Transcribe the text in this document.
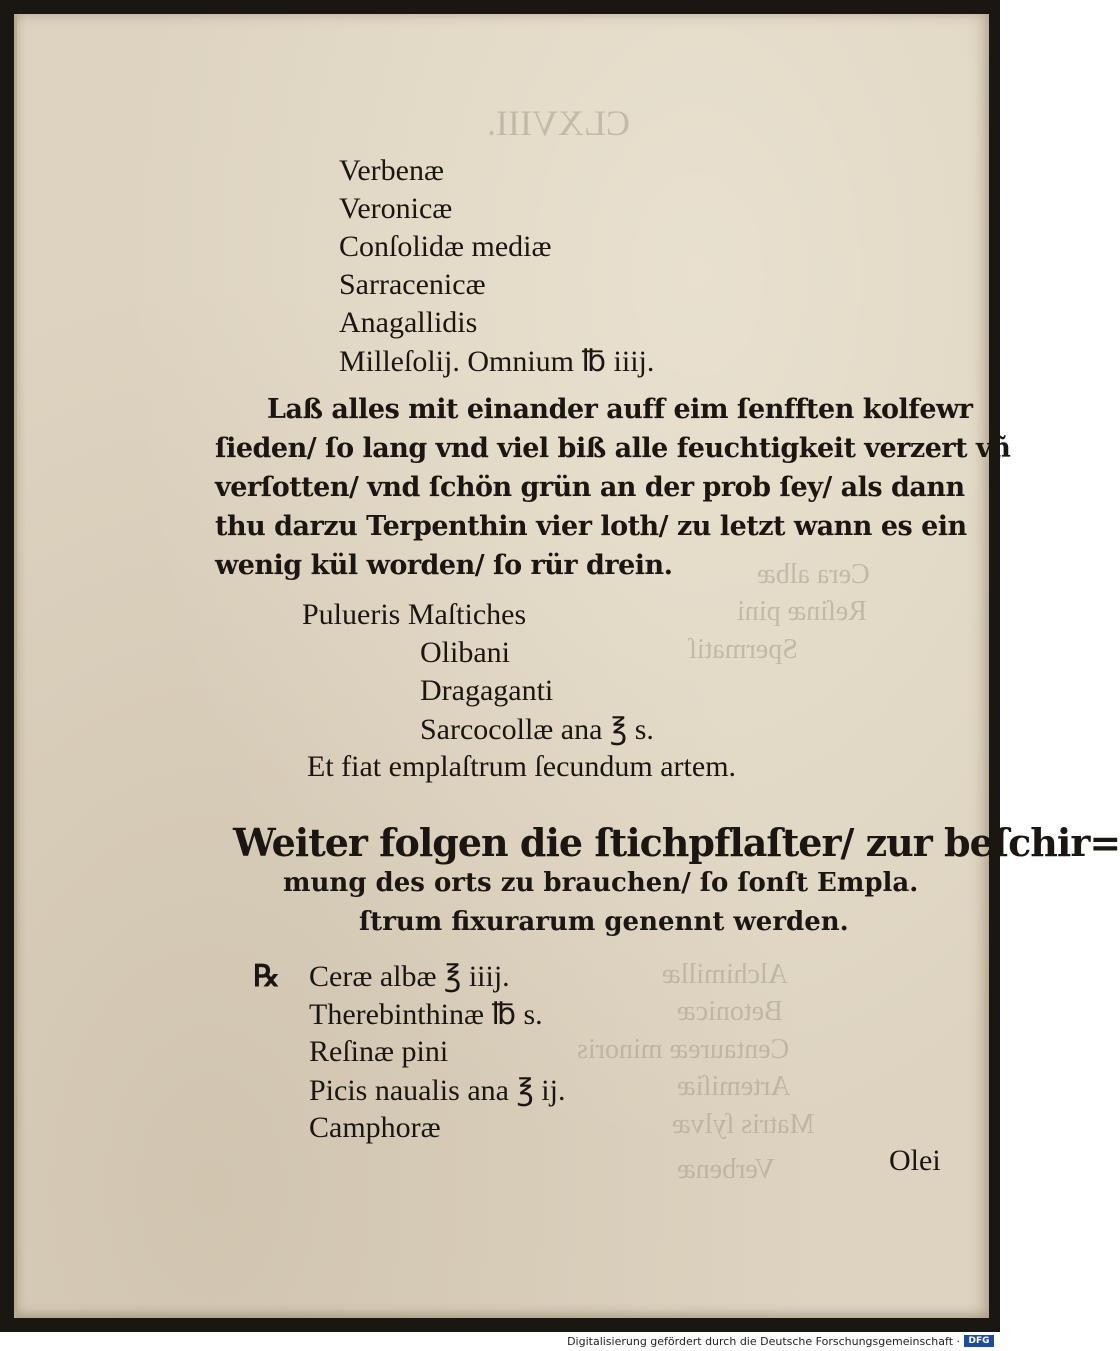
CLXVIII.
Cera albæ
Reſinæ pini
Spermatiſ
Alchimillæ
Betonicæ
Centaureæ minoris
Artemiſiæ
Matris ſylvæ
Verbenæ
Verbenæ
Veronicæ
Conſolidæ mediæ
Sarracenicæ
Anagallidis
Milleſolij. Omnium ℔ iiij.
Laß alles mit einander auff eim ſenfften kolfewr
ſieden/ ſo lang vnd viel biß alle feuchtigkeit verzert vñ
verſotten/ vnd ſchön grün an der prob ſey/ als dann
thu darzu Terpenthin vier loth/ zu letzt wann es ein
wenig kül worden/ ſo rür drein.
Pulueris Maſtiches
Olibani
Dragaganti
Sarcocollæ ana ℥ s.
Et fiat emplaſtrum ſecundum artem.
Weiter folgen die ſtichpflaſter/ zur beſchir=
mung des orts zu brauchen/ ſo ſonſt Empla.
ſtrum fixurarum genennt werden.
℞ Ceræ albæ ℥ iiij.
Therebinthinæ ℔ s.
Reſinæ pini
Picis naualis ana ℥ ij.
Camphoræ
Olei
Digitalisierung gefördert durch die Deutsche Forschungsgemeinschaft · DFG
